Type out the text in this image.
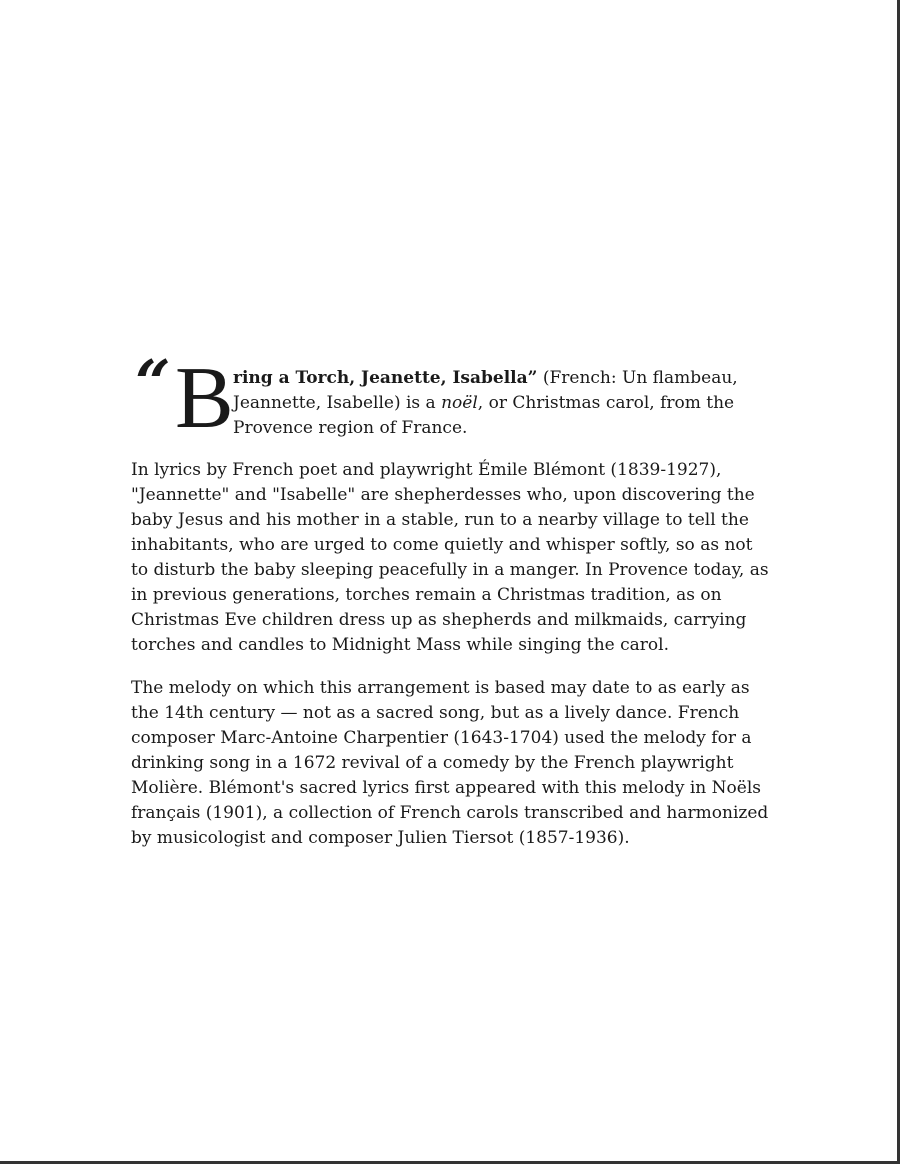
“ B ring a Torch, Jeanette, Isabella” (French: Un flambeau, Jeannette, Isabelle) is a noël, or Christmas carol, from the Provence region of France.

In lyrics by French poet and playwright Émile Blémont (1839-1927), "Jeannette" and "Isabelle" are shepherdesses who, upon discovering the baby Jesus and his mother in a stable, run to a nearby village to tell the inhabitants, who are urged to come quietly and whisper softly, so as not to disturb the baby sleeping peacefully in a manger. In Provence today, as in previous generations, torches remain a Christmas tradition, as on Christmas Eve children dress up as shepherds and milkmaids, carrying torches and candles to Midnight Mass while singing the carol.

The melody on which this arrangement is based may date to as early as the 14th century — not as a sacred song, but as a lively dance. French composer Marc-Antoine Charpentier (1643-1704) used the melody for a drinking song in a 1672 revival of a comedy by the French playwright Molière. Blémont's sacred lyrics first appeared with this melody in Noëls français (1901), a collection of French carols transcribed and harmonized by musicologist and composer Julien Tiersot (1857-1936).
